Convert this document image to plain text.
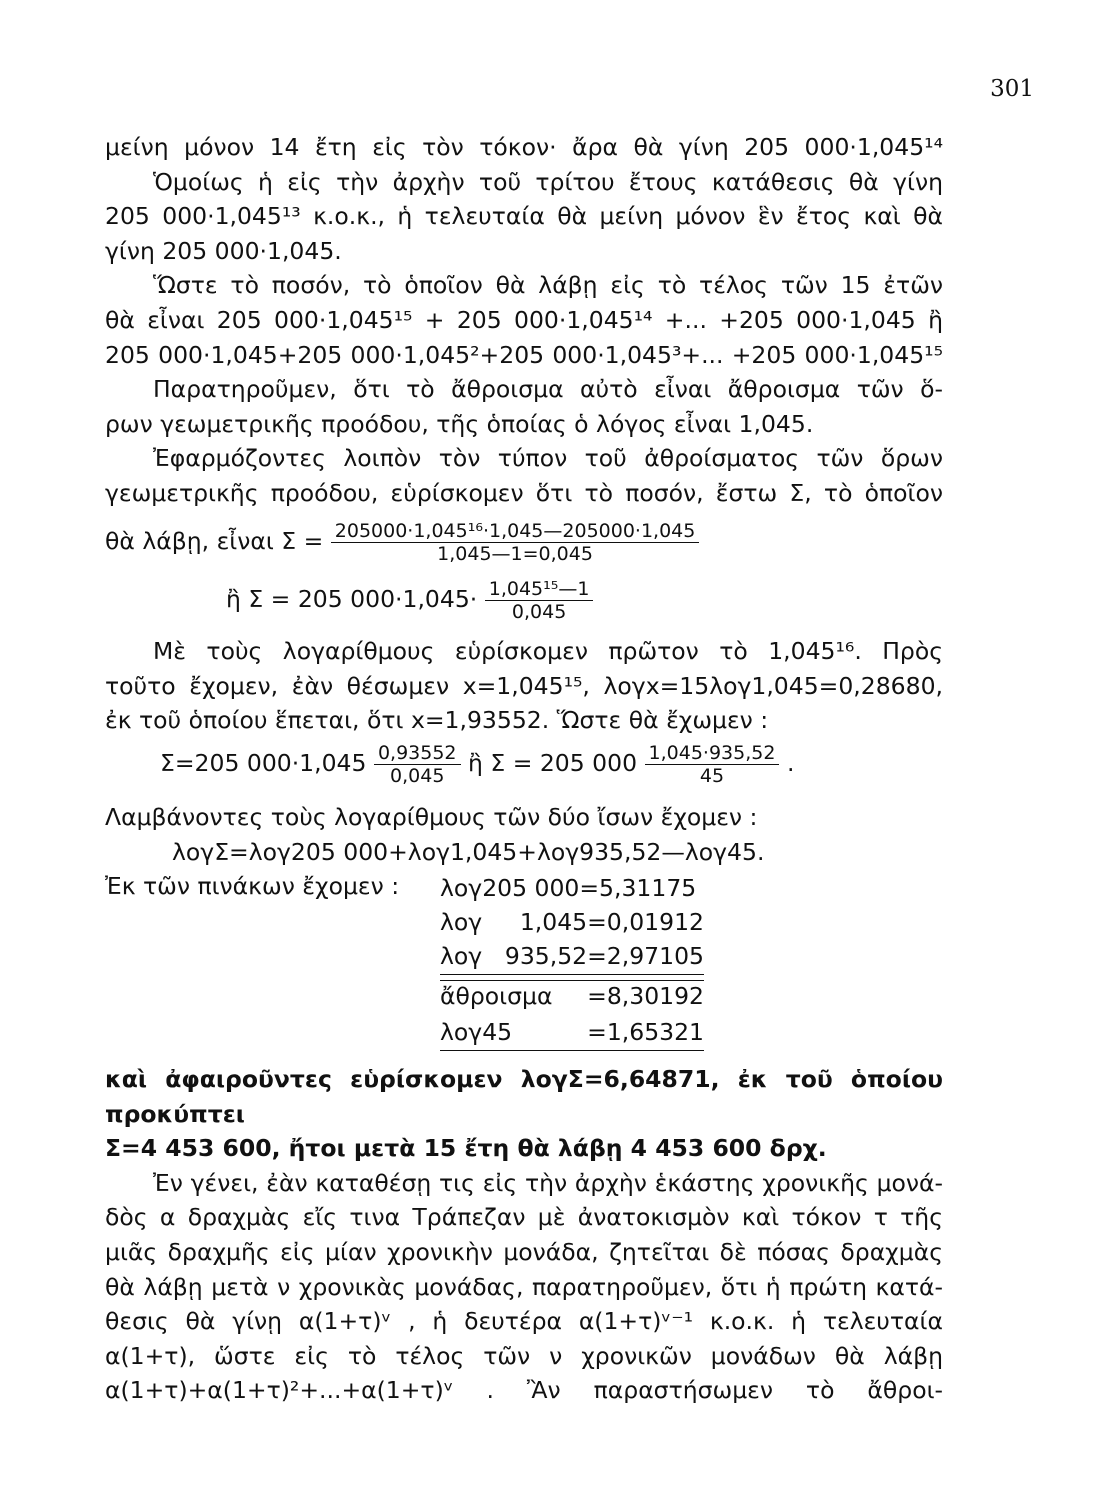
301
μείνη μόνον 14 ἔτη εἰς τὸν τόκον· ἄρα θὰ γίνη 205 000·1,045¹⁴
Ὁμοίως ἡ εἰς τὴν ἀρχὴν τοῦ τρίτου ἔτους κατάθεσις θὰ γίνη
205 000·1,045¹³ κ.ο.κ., ἡ τελευταία θὰ μείνη μόνον ἓν ἔτος καὶ θὰ
γίνη 205 000·1,045.
Ὥστε τὸ ποσόν, τὸ ὁποῖον θὰ λάβῃ εἰς τὸ τέλος τῶν 15 ἐτῶν
θὰ εἶναι 205 000·1,045¹⁵ + 205 000·1,045¹⁴ +... +205 000·1,045 ἢ
205 000·1,045+205 000·1,045²+205 000·1,045³+... +205 000·1,045¹⁵
Παρατηροῦμεν, ὅτι τὸ ἄθροισμα αὐτὸ εἶναι ἄθροισμα τῶν ὅ-
ρων γεωμετρικῆς προόδου, τῆς ὁποίας ὁ λόγος εἶναι 1,045.
Ἐφαρμόζοντες λοιπὸν τὸν τύπον τοῦ ἀθροίσματος τῶν ὅρων
γεωμετρικῆς προόδου, εὑρίσκομεν ὅτι τὸ ποσόν, ἔστω Σ, τὸ ὁποῖον
θὰ λάβῃ, εἶναι $\Sigma = \frac{\text{205000·1,045¹⁶·1,045—205000·1,045}}{1,045—1=0,045}$
ἢ Σ = 205 $000\cdot 1,045\cdot \frac{\text{1,045¹⁵—1}}{0,045}$
Μὲ τοὺς λογαρίθμους εὑρίσκομεν πρῶτον τὸ 1,045¹⁶. Πρὸς
τοῦτο ἔχομεν, ἐὰν θέσωμεν x=1,045¹⁵, λογx=15λογ1,045=0,28680,
ἐκ τοῦ ὁποίου ἕπεται, ὅτι x=1,93552. Ὥστε θὰ ἔχωμεν :
Σ=205 $000\cdot 1,045 \frac{0,93552}{0,045}$ ἢ Σ = 205 $000 \frac{1,045\cdot 935,52}{45}$ .
Λαμβάνοντες τοὺς λογαρίθμους τῶν δύο ἴσων ἔχομεν :
λογΣ=λογ205 000+λογ1,045+λογ935,52—λογ45.
Ἐκ τῶν πινάκων ἔχομεν : λογ205 000=5,31175
λογ 1,045=0,01912
λογ 935,52=2,97105
ἄθροισμα =8,30192
λογ45	=1,65321
καὶ ἀφαιροῦντες εὑρίσκομεν λογΣ=6,64871, ἐκ τοῦ ὁποίου προκύπτει
Σ=4 453 600, ἤτοι μετὰ 15 ἔτη θὰ λάβῃ 4 453 600 δρχ.
Ἐν γένει, ἐὰν καταθέσῃ τις εἰς τὴν ἀρχὴν ἑκάστης χρονικῆς μονά-
δὸς α δραχμὰς εἴς τινα Τράπεζαν μὲ ἀνατοκισμὸν καὶ τόκον τ τῆς
μιᾶς δραχμῆς εἰς μίαν χρονικὴν μονάδα, ζητεῖται δὲ πόσας δραχμὰς
θὰ λάβῃ μετὰ ν χρονικὰς μονάδας, παρατηροῦμεν, ὅτι ἡ πρώτη κατά-
θεσις θὰ γίνῃ α(1+τ)ᵛ , ἡ δευτέρα α(1+τ)ᵛ⁻¹ κ.ο.κ. ἡ τελευταία
α(1+τ), ὥστε εἰς τὸ τέλος τῶν ν χρονικῶν μονάδων θὰ λάβῃ
α(1+τ)+α(1+τ)²+...+α(1+τ)ᵛ . Ἂν παραστήσωμεν τὸ ἄθροι-
